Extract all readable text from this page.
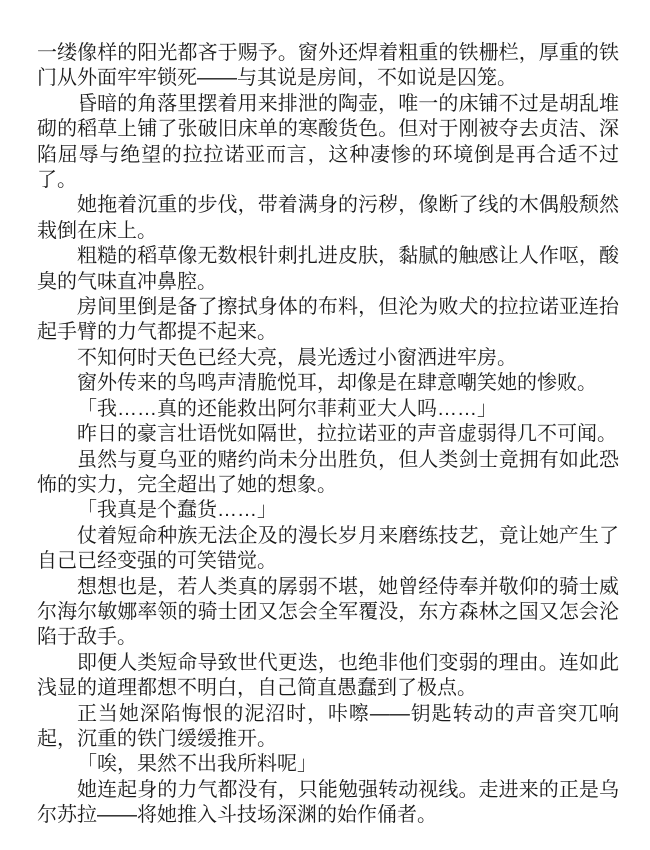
一缕像样的阳光都吝于赐予。窗外还焊着粗重的铁栅栏，厚重的铁门从外面牢牢锁死——与其说是房间，不如说是囚笼。

昏暗的角落里摆着用来排泄的陶壶，唯一的床铺不过是胡乱堆砌的稻草上铺了张破旧床单的寒酸货色。但对于刚被夺去贞洁、深陷屈辱与绝望的拉拉诺亚而言，这种凄惨的环境倒是再合适不过了。

她拖着沉重的步伐，带着满身的污秽，像断了线的木偶般颓然栽倒在床上。

粗糙的稻草像无数根针刺扎进皮肤，黏腻的触感让人作呕，酸臭的气味直冲鼻腔。

房间里倒是备了擦拭身体的布料，但沦为败犬的拉拉诺亚连抬起手臂的力气都提不起来。

不知何时天色已经大亮，晨光透过小窗洒进牢房。

窗外传来的鸟鸣声清脆悦耳，却像是在肆意嘲笑她的惨败。

「我……真的还能救出阿尔菲莉亚大人吗……」

昨日的豪言壮语恍如隔世，拉拉诺亚的声音虚弱得几不可闻。

虽然与夏乌亚的赌约尚未分出胜负，但人类剑士竟拥有如此恐怖的实力，完全超出了她的想象。

「我真是个蠢货……」

仗着短命种族无法企及的漫长岁月来磨练技艺，竟让她产生了自己已经变强的可笑错觉。

想想也是，若人类真的孱弱不堪，她曾经侍奉并敬仰的骑士威尔海尔敏娜率领的骑士团又怎会全军覆没，东方森林之国又怎会沦陷于敌手。

即便人类短命导致世代更迭，也绝非他们变弱的理由。连如此浅显的道理都想不明白，自己简直愚蠢到了极点。

正当她深陷悔恨的泥沼时，咔嚓——钥匙转动的声音突兀响起，沉重的铁门缓缓推开。

「唉，果然不出我所料呢」

她连起身的力气都没有，只能勉强转动视线。走进来的正是乌尔苏拉——将她推入斗技场深渊的始作俑者。
